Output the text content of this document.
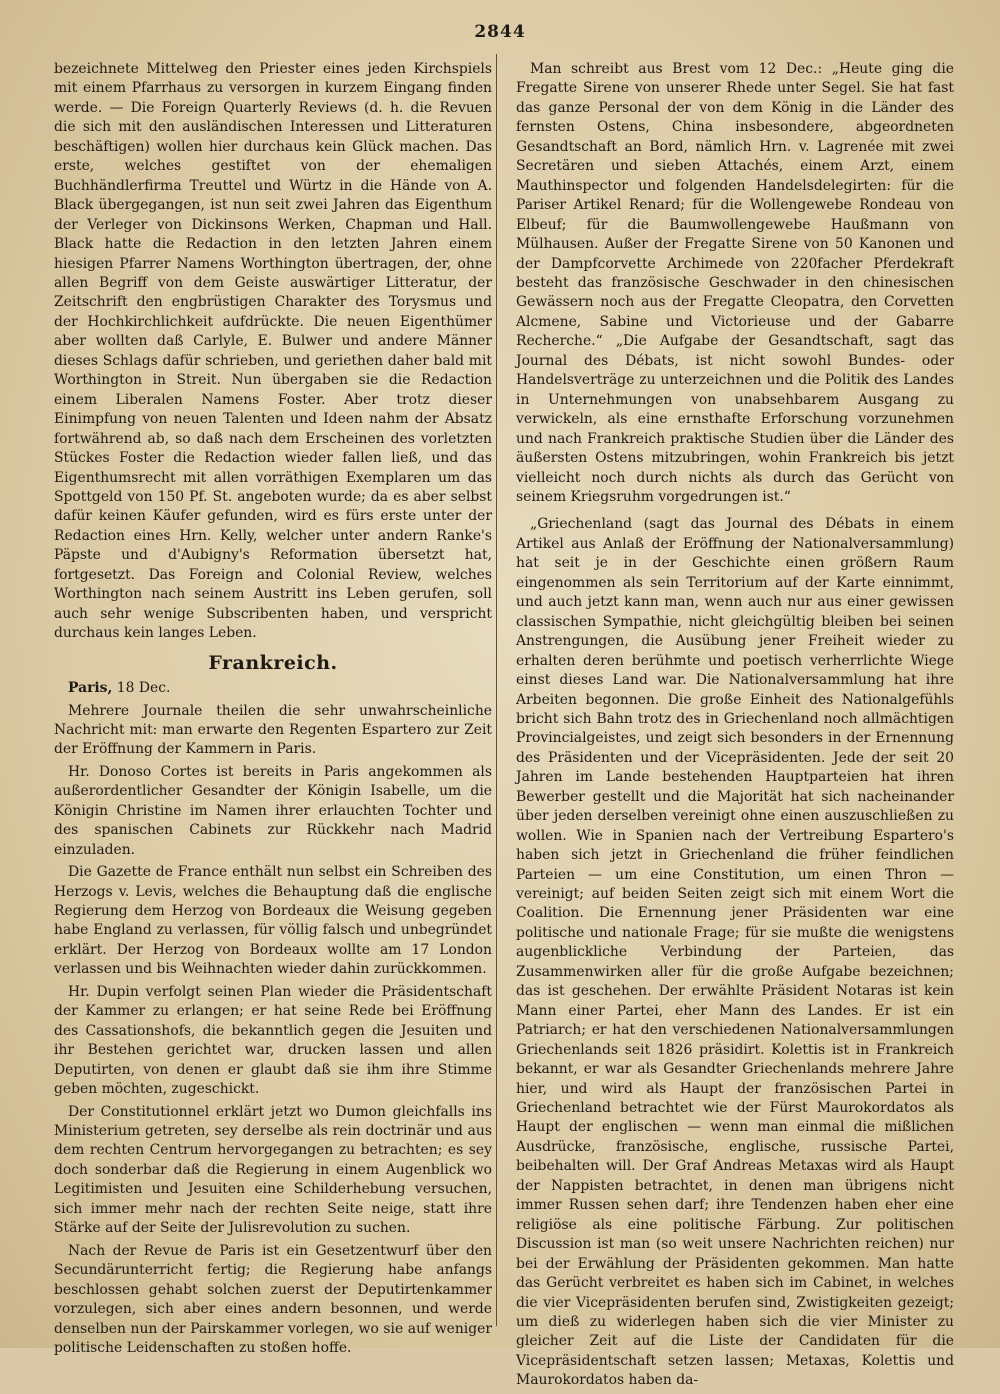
2844

bezeichnete Mittelweg den Priester eines jeden Kirchspiels mit einem Pfarrhaus zu versorgen in kurzem Eingang finden werde. — Die Foreign Quarterly Reviews (d. h. die Revuen die sich mit den ausländischen Interessen und Litteraturen beschäftigen) wollen hier durchaus kein Glück machen. Das erste, welches gestiftet von der ehemaligen Buchhändlerfirma Treuttel und Würtz in die Hände von A. Black übergegangen, ist nun seit zwei Jahren das Eigenthum der Verleger von Dickinsons Werken, Chapman und Hall. Black hatte die Redaction in den letzten Jahren einem hiesigen Pfarrer Namens Worthington übertragen, der, ohne allen Begriff von dem Geiste auswärtiger Litteratur, der Zeitschrift den engbrüstigen Charakter des Torysmus und der Hochkirchlichkeit aufdrückte. Die neuen Eigenthümer aber wollten daß Carlyle, E. Bulwer und andere Männer dieses Schlags dafür schrieben, und geriethen daher bald mit Worthington in Streit. Nun übergaben sie die Redaction einem Liberalen Namens Foster. Aber trotz dieser Einimpfung von neuen Talenten und Ideen nahm der Absatz fortwährend ab, so daß nach dem Erscheinen des vorletzten Stückes Foster die Redaction wieder fallen ließ, und das Eigenthumsrecht mit allen vorräthigen Exemplaren um das Spottgeld von 150 Pf. St. angeboten wurde; da es aber selbst dafür keinen Käufer gefunden, wird es fürs erste unter der Redaction eines Hrn. Kelly, welcher unter andern Ranke's Päpste und d'Aubigny's Reformation übersetzt hat, fortgesetzt. Das Foreign and Colonial Review, welches Worthington nach seinem Austritt ins Leben gerufen, soll auch sehr wenige Subscribenten haben, und verspricht durchaus kein langes Leben.

Frankreich.

Paris, 18 Dec.

Mehrere Journale theilen die sehr unwahrscheinliche Nachricht mit: man erwarte den Regenten Espartero zur Zeit der Eröffnung der Kammern in Paris.

Hr. Donoso Cortes ist bereits in Paris angekommen als außerordentlicher Gesandter der Königin Isabelle, um die Königin Christine im Namen ihrer erlauchten Tochter und des spanischen Cabinets zur Rückkehr nach Madrid einzuladen.

Die Gazette de France enthält nun selbst ein Schreiben des Herzogs v. Levis, welches die Behauptung daß die englische Regierung dem Herzog von Bordeaux die Weisung gegeben habe England zu verlassen, für völlig falsch und unbegründet erklärt. Der Herzog von Bordeaux wollte am 17 London verlassen und bis Weihnachten wieder dahin zurückkommen.

Hr. Dupin verfolgt seinen Plan wieder die Präsidentschaft der Kammer zu erlangen; er hat seine Rede bei Eröffnung des Cassationshofs, die bekanntlich gegen die Jesuiten und ihr Bestehen gerichtet war, drucken lassen und allen Deputirten, von denen er glaubt daß sie ihm ihre Stimme geben möchten, zugeschickt.

Der Constitutionnel erklärt jetzt wo Dumon gleichfalls ins Ministerium getreten, sey derselbe als rein doctrinär und aus dem rechten Centrum hervorgegangen zu betrachten; es sey doch sonderbar daß die Regierung in einem Augenblick wo Legitimisten und Jesuiten eine Schilderhebung versuchen, sich immer mehr nach der rechten Seite neige, statt ihre Stärke auf der Seite der Julisrevolution zu suchen.

Nach der Revue de Paris ist ein Gesetzentwurf über den Secundärunterricht fertig; die Regierung habe anfangs beschlossen gehabt solchen zuerst der Deputirtenkammer vorzulegen, sich aber eines andern besonnen, und werde denselben nun der Pairskammer vorlegen, wo sie auf weniger politische Leidenschaften zu stoßen hoffe.

Man schreibt aus Brest vom 12 Dec.: „Heute ging die Fregatte Sirene von unserer Rhede unter Segel. Sie hat fast das ganze Personal der von dem König in die Länder des fernsten Ostens, China insbesondere, abgeordneten Gesandtschaft an Bord, nämlich Hrn. v. Lagrenée mit zwei Secretären und sieben Attachés, einem Arzt, einem Mauthinspector und folgenden Handelsdelegirten: für die Pariser Artikel Renard; für die Wollengewebe Rondeau von Elbeuf; für die Baumwollengewebe Haußmann von Mülhausen. Außer der Fregatte Sirene von 50 Kanonen und der Dampfcorvette Archimede von 220facher Pferdekraft besteht das französische Geschwader in den chinesischen Gewässern noch aus der Fregatte Cleopatra, den Corvetten Alcmene, Sabine und Victorieuse und der Gabarre Recherche.“ „Die Aufgabe der Gesandtschaft, sagt das Journal des Débats, ist nicht sowohl Bundes- oder Handelsverträge zu unterzeichnen und die Politik des Landes in Unternehmungen von unabsehbarem Ausgang zu verwickeln, als eine ernsthafte Erforschung vorzunehmen und nach Frankreich praktische Studien über die Länder des äußersten Ostens mitzubringen, wohin Frankreich bis jetzt vielleicht noch durch nichts als durch das Gerücht von seinem Kriegsruhm vorgedrungen ist.“

„Griechenland (sagt das Journal des Débats in einem Artikel aus Anlaß der Eröffnung der Nationalversammlung) hat seit je in der Geschichte einen größern Raum eingenommen als sein Territorium auf der Karte einnimmt, und auch jetzt kann man, wenn auch nur aus einer gewissen classischen Sympathie, nicht gleichgültig bleiben bei seinen Anstrengungen, die Ausübung jener Freiheit wieder zu erhalten deren berühmte und poetisch verherrlichte Wiege einst dieses Land war. Die Nationalversammlung hat ihre Arbeiten begonnen. Die große Einheit des Nationalgefühls bricht sich Bahn trotz des in Griechenland noch allmächtigen Provincialgeistes, und zeigt sich besonders in der Ernennung des Präsidenten und der Vicepräsidenten. Jede der seit 20 Jahren im Lande bestehenden Hauptparteien hat ihren Bewerber gestellt und die Majorität hat sich nacheinander über jeden derselben vereinigt ohne einen auszuschließen zu wollen. Wie in Spanien nach der Vertreibung Espartero's haben sich jetzt in Griechenland die früher feindlichen Parteien — um eine Constitution, um einen Thron — vereinigt; auf beiden Seiten zeigt sich mit einem Wort die Coalition. Die Ernennung jener Präsidenten war eine politische und nationale Frage; für sie mußte die wenigstens augenblickliche Verbindung der Parteien, das Zusammenwirken aller für die große Aufgabe bezeichnen; das ist geschehen. Der erwählte Präsident Notaras ist kein Mann einer Partei, eher Mann des Landes. Er ist ein Patriarch; er hat den verschiedenen Nationalversammlungen Griechenlands seit 1826 präsidirt. Kolettis ist in Frankreich bekannt, er war als Gesandter Griechenlands mehrere Jahre hier, und wird als Haupt der französischen Partei in Griechenland betrachtet wie der Fürst Maurokordatos als Haupt der englischen — wenn man einmal die mißlichen Ausdrücke, französische, englische, russische Partei, beibehalten will. Der Graf Andreas Metaxas wird als Haupt der Nappisten betrachtet, in denen man übrigens nicht immer Russen sehen darf; ihre Tendenzen haben eher eine religiöse als eine politische Färbung. Zur politischen Discussion ist man (so weit unsere Nachrichten reichen) nur bei der Erwählung der Präsidenten gekommen. Man hatte das Gerücht verbreitet es haben sich im Cabinet, in welches die vier Vicepräsidenten berufen sind, Zwistigkeiten gezeigt; um dieß zu widerlegen haben sich die vier Minister zu gleicher Zeit auf die Liste der Candidaten für die Vicepräsidentschaft setzen lassen; Metaxas, Kolettis und Maurokordatos haben da-
